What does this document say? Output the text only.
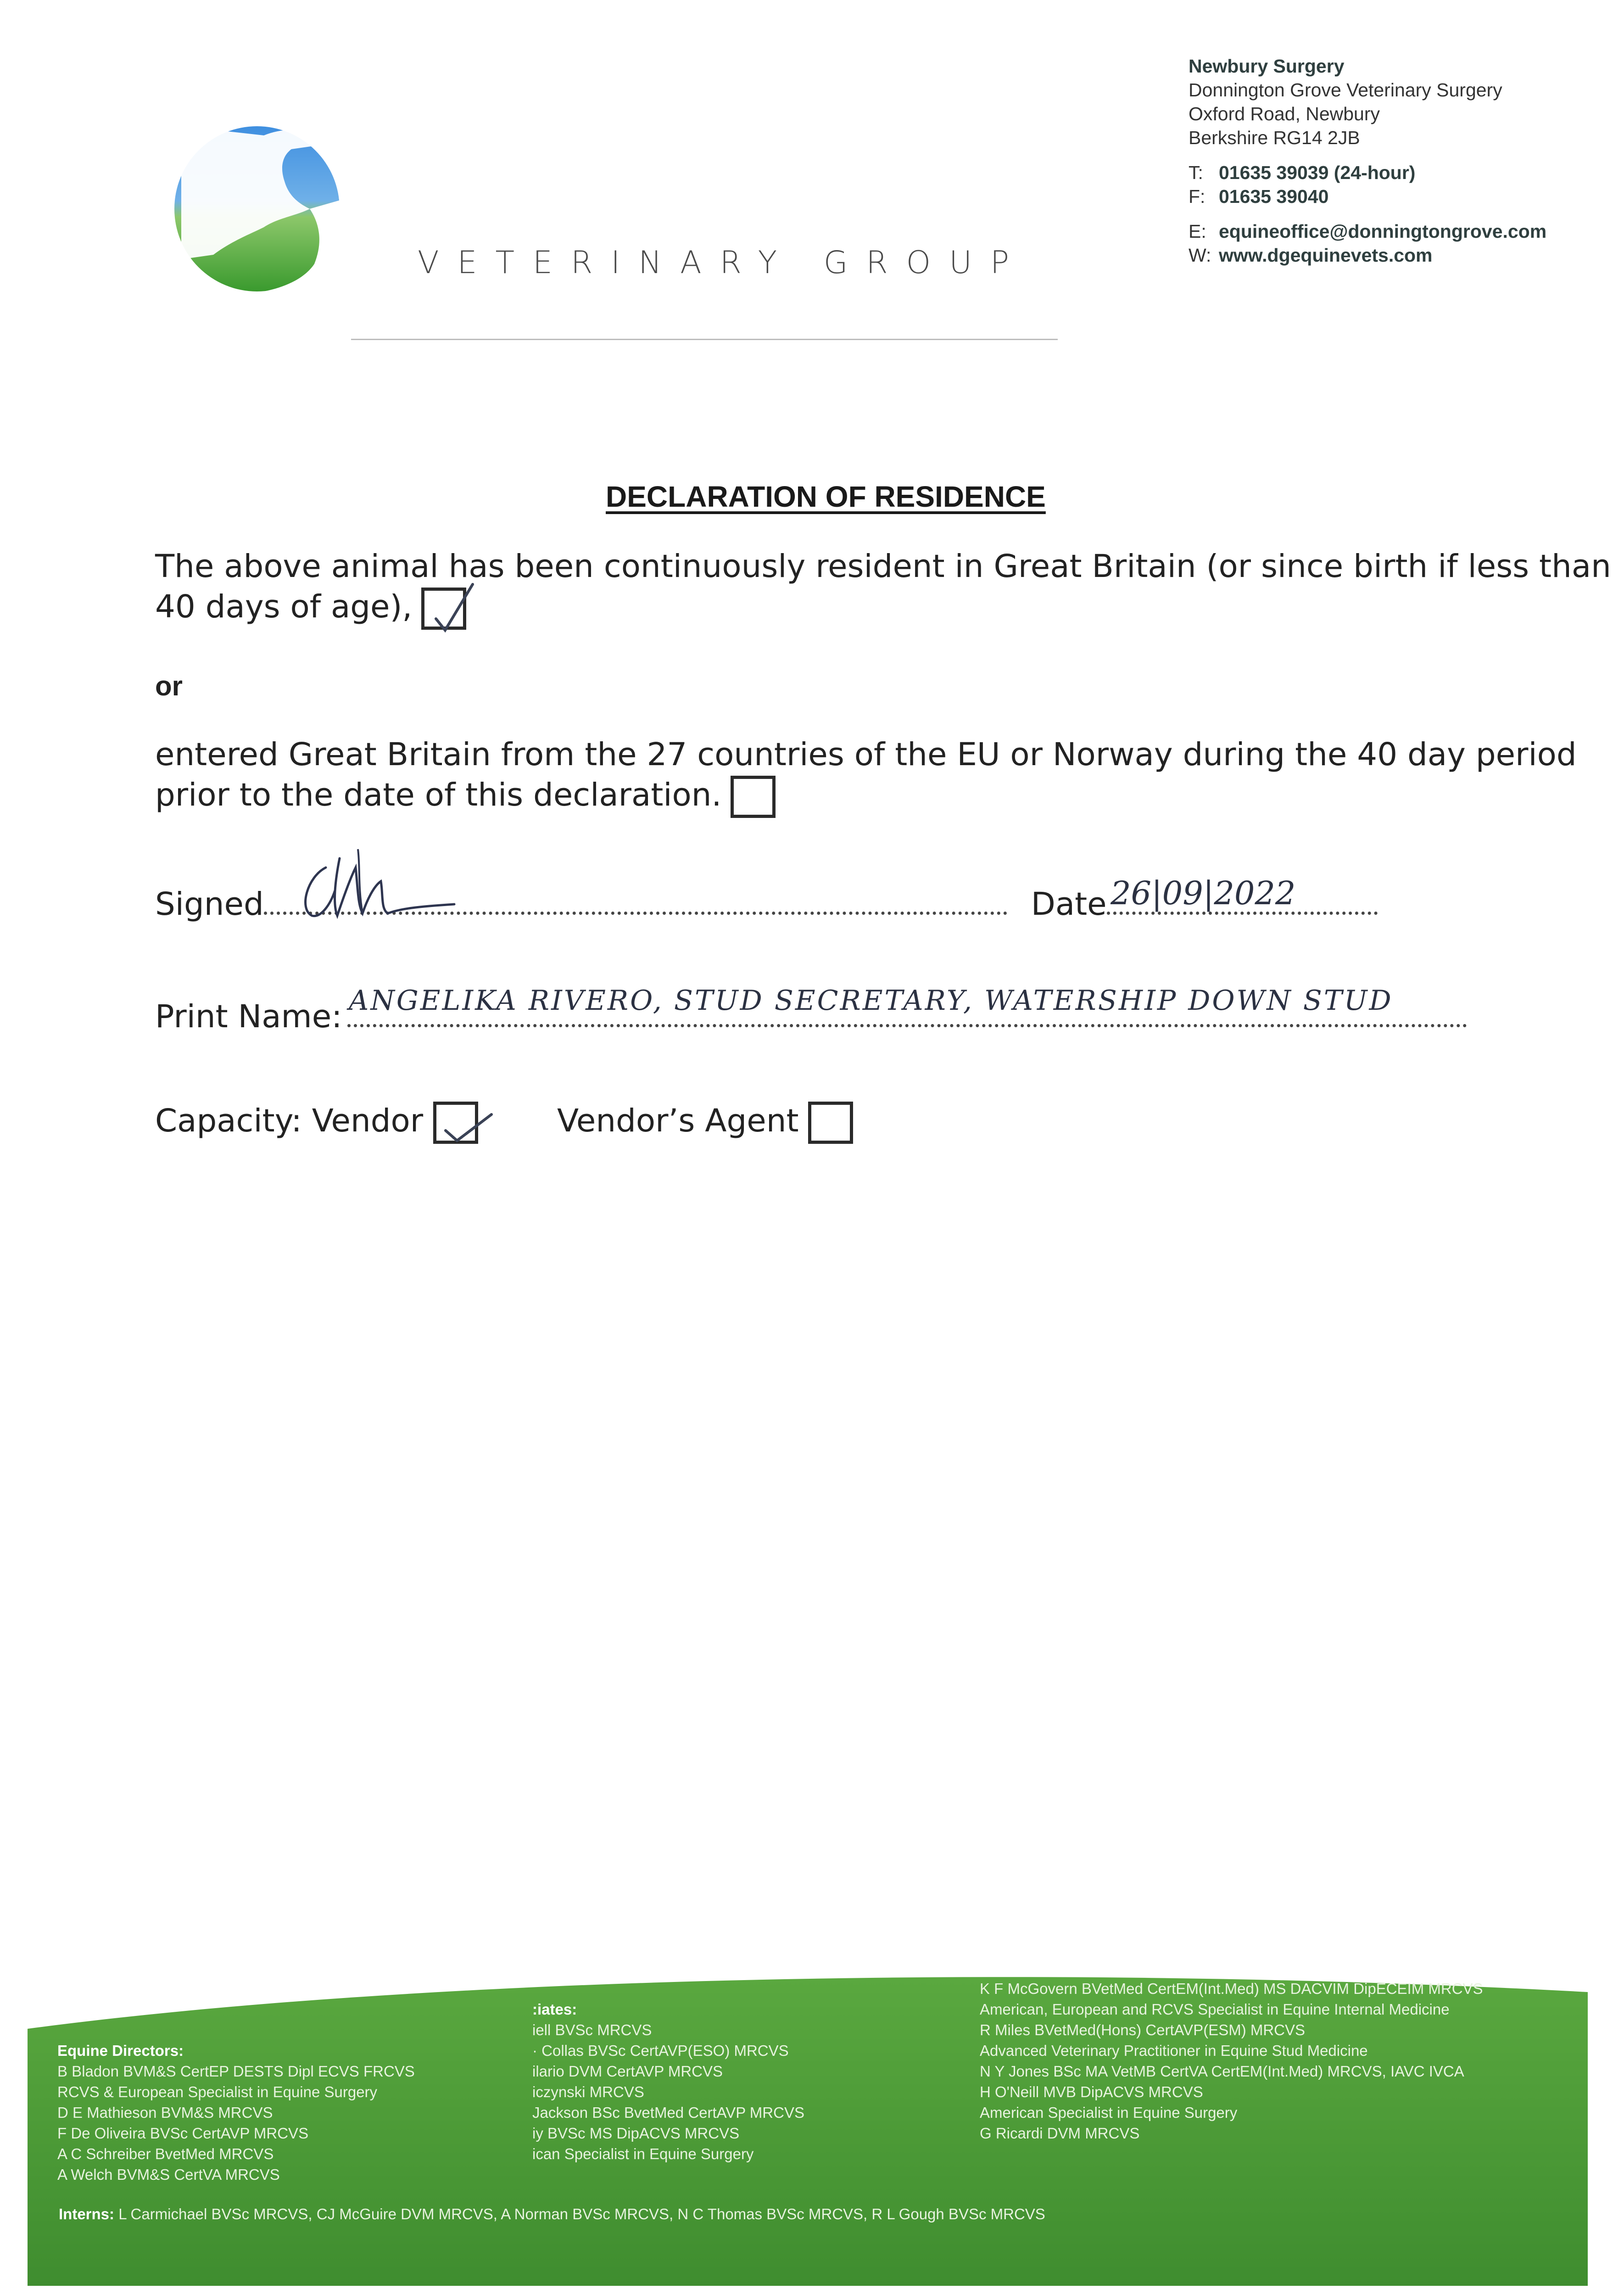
VETERINARY GROUP
Newbury Surgery
Donnington Grove Veterinary Surgery
Oxford Road, Newbury
Berkshire RG14 2JB
T: 01635 39039 (24-hour)
F: 01635 39040
E: equineoffice@donningtongrove.com
W: www.dgequinevets.com
DECLARATION OF RESIDENCE
The above animal has been continuously resident in Great Britain (or since birth if less than
40 days of age),
or
entered Great Britain from the 27 countries of the EU or Norway during the 40 day period
prior to the date of this declaration.
Signed	Date 26|09|2022
Print Name: ANGELIKA RIVERO, STUD SECRETARY, WATERSHIP DOWN STUD
Capacity: Vendor	Vendor’s Agent
Equine Directors:
B Bladon BVM&S CertEP DESTS Dipl ECVS FRCVS
RCVS & European Specialist in Equine Surgery
D E Mathieson BVM&S MRCVS
F De Oliveira BVSc CertAVP MRCVS
A C Schreiber BvetMed MRCVS
A Welch BVM&S CertVA MRCVS
:iates:
iell BVSc MRCVS
· Collas BVSc CertAVP(ESO) MRCVS
ilario DVM CertAVP MRCVS
iczynski MRCVS
Jackson BSc BvetMed CertAVP MRCVS
iy BVSc MS DipACVS MRCVS
ican Specialist in Equine Surgery
K F McGovern BVetMed CertEM(Int.Med) MS DACVIM DipECEIM MRCVS
American, European and RCVS Specialist in Equine Internal Medicine
R Miles BVetMed(Hons) CertAVP(ESM) MRCVS
Advanced Veterinary Practitioner in Equine Stud Medicine
N Y Jones BSc MA VetMB CertVA CertEM(Int.Med) MRCVS, IAVC IVCA
H O'Neill MVB DipACVS MRCVS
American Specialist in Equine Surgery
G Ricardi DVM MRCVS
Interns: L Carmichael BVSc MRCVS, CJ McGuire DVM MRCVS, A Norman BVSc MRCVS, N C Thomas BVSc MRCVS, R L Gough BVSc MRCVS
